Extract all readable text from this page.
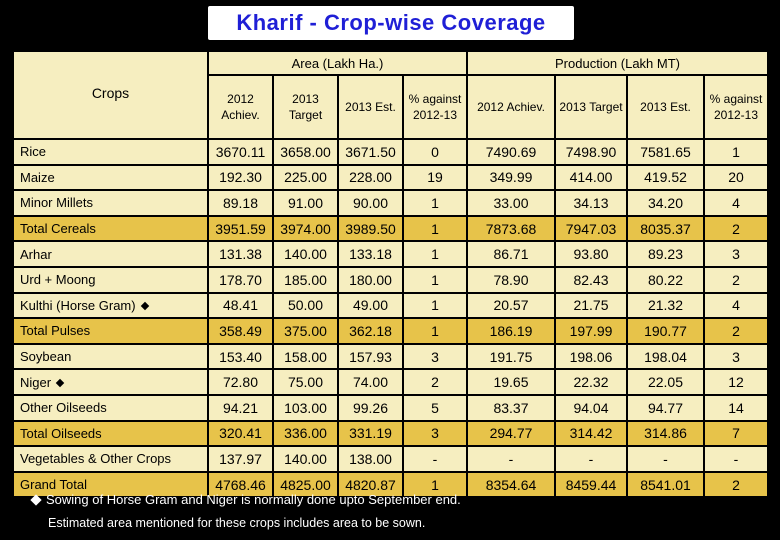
Kharif - Crop-wise Coverage
Crops	Area (Lakh Ha.)				Production (Lakh MT)			
	2012 Achiev.	2013 Target	2013 Est.	% against 2012-13	2012 Achiev.	2013 Target	2013 Est.	% against 2012-13
Rice	3670.11	3658.00	3671.50	0	7490.69	7498.90	7581.65	1
Maize	192.30	225.00	228.00	19	349.99	414.00	419.52	20
Minor Millets	89.18	91.00	90.00	1	33.00	34.13	34.20	4
Total Cereals	3951.59	3974.00	3989.50	1	7873.68	7947.03	8035.37	2
Arhar	131.38	140.00	133.18	1	86.71	93.80	89.23	3
Urd + Moong	178.70	185.00	180.00	1	78.90	82.43	80.22	2
Kulthi (Horse Gram)	48.41	50.00	49.00	1	20.57	21.75	21.32	4
Total Pulses	358.49	375.00	362.18	1	186.19	197.99	190.77	2
Soybean	153.40	158.00	157.93	3	191.75	198.06	198.04	3
Niger	72.80	75.00	74.00	2	19.65	22.32	22.05	12
Other Oilseeds	94.21	103.00	99.26	5	83.37	94.04	94.77	14
Total Oilseeds	320.41	336.00	331.19	3	294.77	314.42	314.86	7
Vegetables & Other Crops	137.97	140.00	138.00	-	-	-	-	-
Grand Total	4768.46	4825.00	4820.87	1	8354.64	8459.44	8541.01	2
Sowing of Horse Gram and Niger is normally done upto September end.
Estimated area mentioned for these crops includes area to be sown.
